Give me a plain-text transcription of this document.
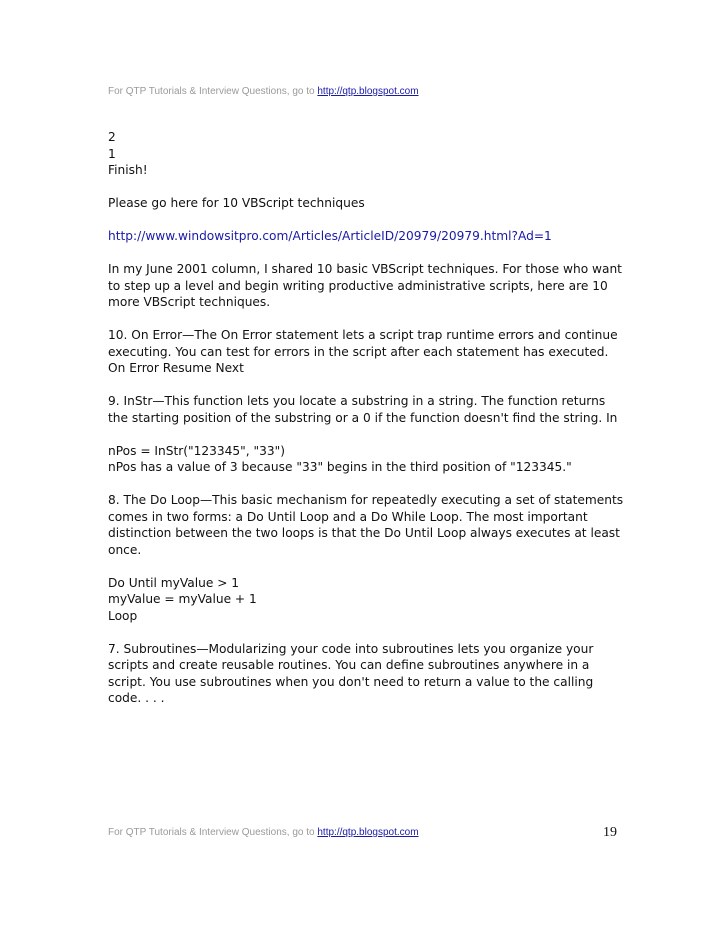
For QTP Tutorials & Interview Questions, go to http://qtp.blogspot.com

2
1
Finish!

Please go here for 10 VBScript techniques

http://www.windowsitpro.com/Articles/ArticleID/20979/20979.html?Ad=1

In my June 2001 column, I shared 10 basic VBScript techniques. For those who want to step up a level and begin writing productive administrative scripts, here are 10 more VBScript techniques.

10. On Error—The On Error statement lets a script trap runtime errors and continue executing. You can test for errors in the script after each statement has executed.
On Error Resume Next

9. InStr—This function lets you locate a substring in a string. The function returns the starting position of the substring or a 0 if the function doesn't find the string. In

nPos = InStr("123345", "33")
nPos has a value of 3 because "33" begins in the third position of "123345."

8. The Do Loop—This basic mechanism for repeatedly executing a set of statements comes in two forms: a Do Until Loop and a Do While Loop. The most important distinction between the two loops is that the Do Until Loop always executes at least once.

Do Until myValue > 1
myValue = myValue + 1
Loop

7. Subroutines—Modularizing your code into subroutines lets you organize your scripts and create reusable routines. You can define subroutines anywhere in a script. You use subroutines when you don't need to return a value to the calling code. . . .

For QTP Tutorials & Interview Questions, go to http://qtp.blogspot.com	19
